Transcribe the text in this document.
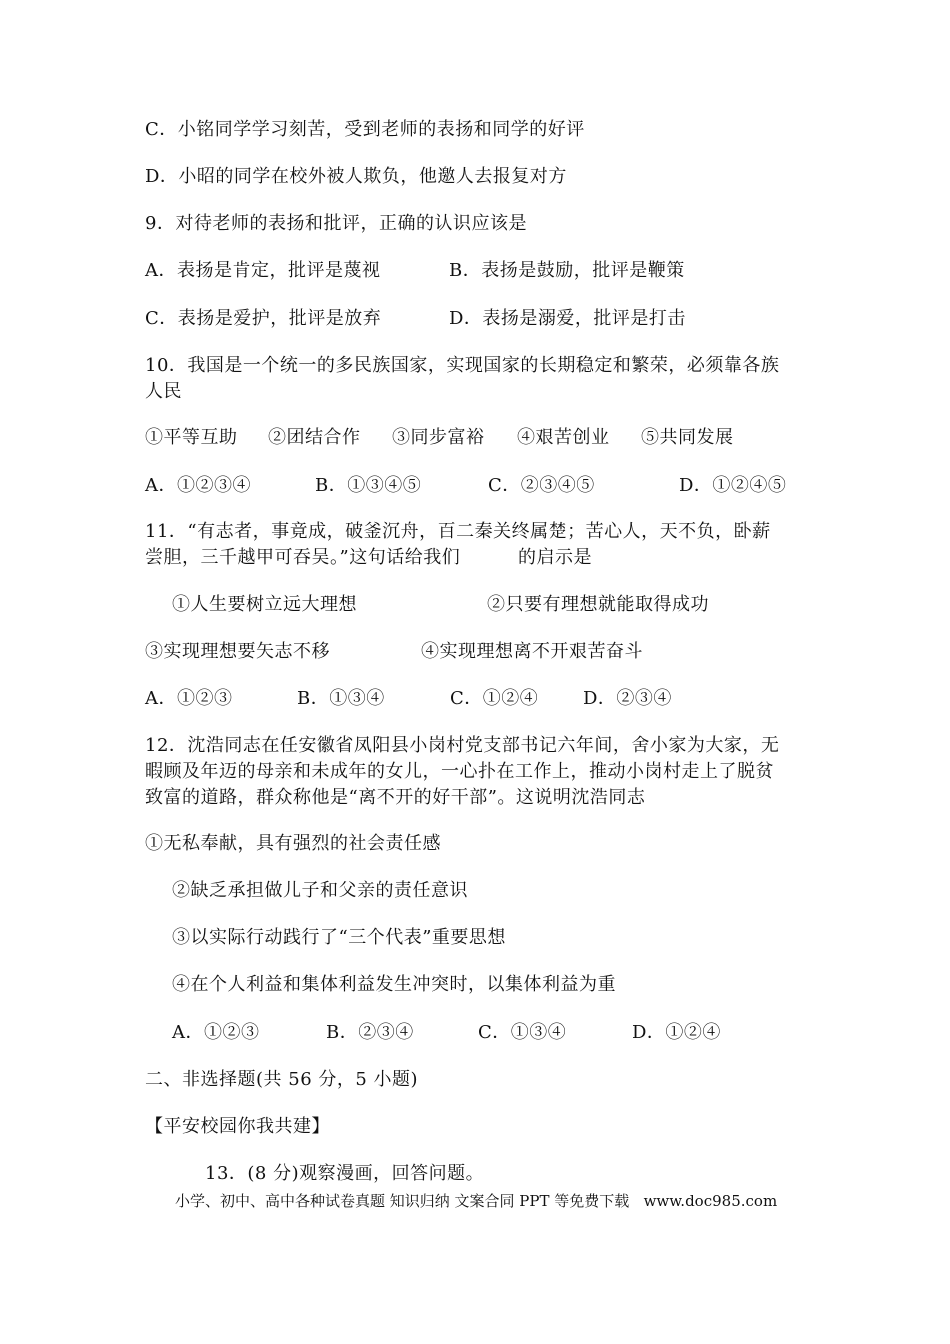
C．小铭同学学习刻苦，受到老师的表扬和同学的好评
D．小昭的同学在校外被人欺负，他邀人去报复对方
9．对待老师的表扬和批评，正确的认识应该是
A．表扬是肯定，批评是蔑视	B．表扬是鼓励，批评是鞭策
C．表扬是爱护，批评是放弃	D．表扬是溺爱，批评是打击
10．我国是一个统一的多民族国家，实现国家的长期稳定和繁荣，必须靠各族
人民
①平等互助 ②团结合作 ③同步富裕 ④艰苦创业 ⑤共同发展
A．①②③④	B．①③④⑤	C．②③④⑤	D．①②④⑤
11．“有志者，事竟成，破釜沉舟，百二秦关终属楚；苦心人，天不负，卧薪
尝胆，三千越甲可吞吴。”这句话给我们	的启示是
①人生要树立远大理想	②只要有理想就能取得成功
③实现理想要矢志不移	④实现理想离不开艰苦奋斗
A．①②③	B．①③④	C．①②④ D．②③④
12．沈浩同志在任安徽省凤阳县小岗村党支部书记六年间，舍小家为大家，无
暇顾及年迈的母亲和未成年的女儿，一心扑在工作上，推动小岗村走上了脱贫
致富的道路，群众称他是“离不开的好干部”。这说明沈浩同志
①无私奉献，具有强烈的社会责任感
②缺乏承担做儿子和父亲的责任意识
③以实际行动践行了“三个代表”重要思想
④在个人利益和集体利益发生冲突时，以集体利益为重
A．①②③	B．②③④	C．①③④	D．①②④
二、非选择题(共 56 分，5 小题)
【平安校园你我共建】
13．(8 分)观察漫画，回答问题。
小学、初中、高中各种试卷真题 知识归纳 文案合同 PPT 等免费下载   www.doc985.com
